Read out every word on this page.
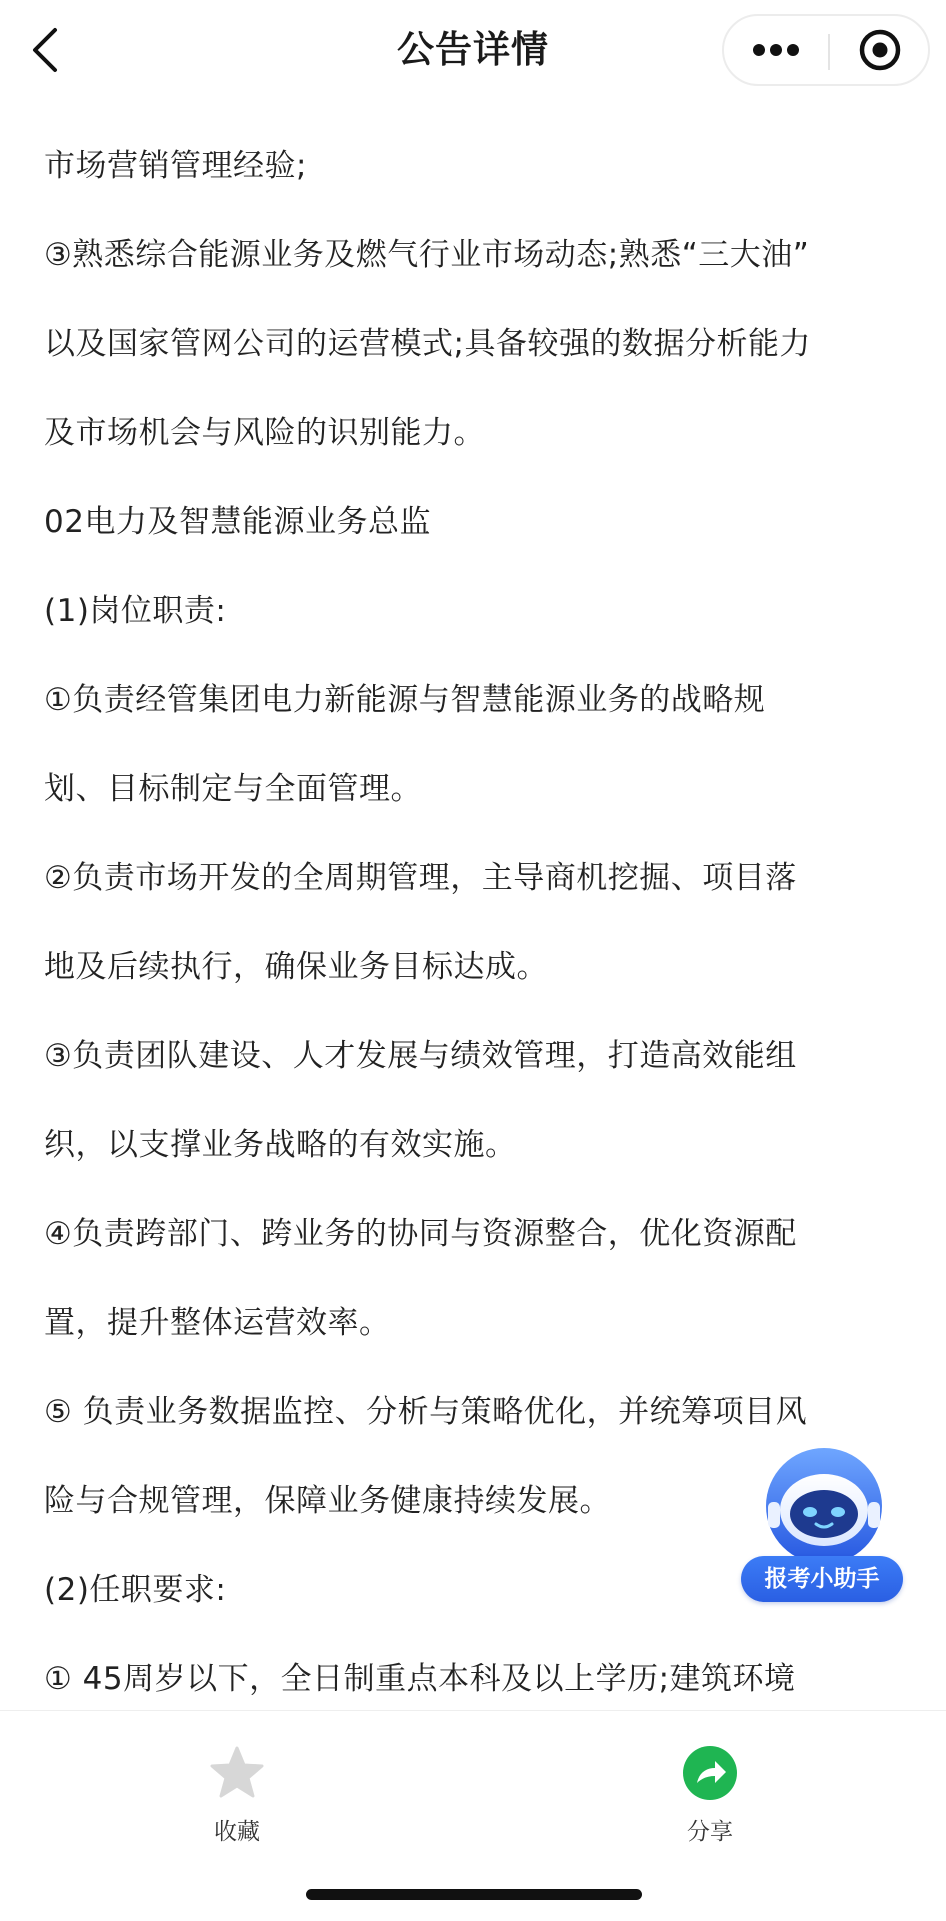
公告详情

市场营销管理经验;

③熟悉综合能源业务及燃气行业市场动态;熟悉“三大油”

以及国家管网公司的运营模式;具备较强的数据分析能力

及市场机会与风险的识别能力。

02电力及智慧能源业务总监

(1)岗位职责:

①负责经管集团电力新能源与智慧能源业务的战略规

划、目标制定与全面管理。

②负责市场开发的全周期管理，主导商机挖掘、项目落

地及后续执行，确保业务目标达成。

③负责团队建设、人才发展与绩效管理，打造高效能组

织，以支撑业务战略的有效实施。

④负责跨部门、跨业务的协同与资源整合，优化资源配

置，提升整体运营效率。

⑤ 负责业务数据监控、分析与策略优化，并统筹项目风

险与合规管理，保障业务健康持续发展。

(2)任职要求:

① 45周岁以下，全日制重点本科及以上学历;建筑环境

报考小助手
收藏	分享
